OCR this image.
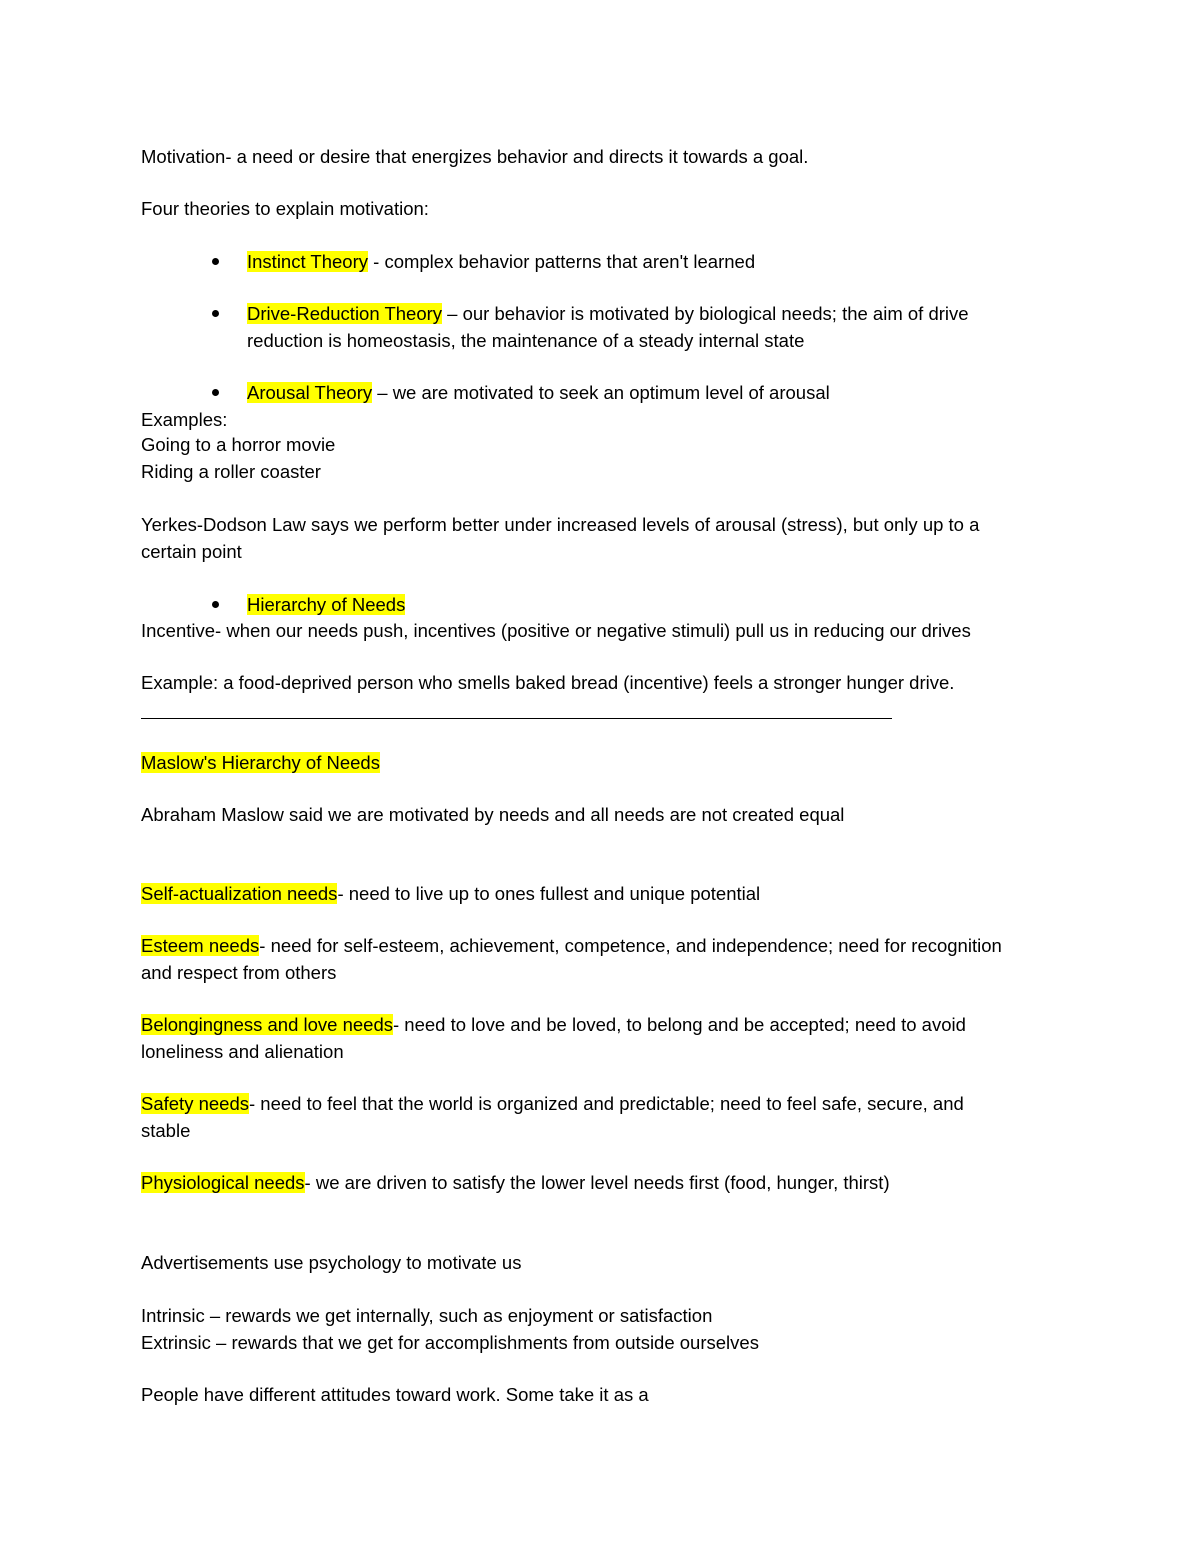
Motivation- a need or desire that energizes behavior and directs it towards a goal.
Four theories to explain motivation:
Instinct Theory - complex behavior patterns that aren't learned
Drive-Reduction Theory – our behavior is motivated by biological needs; the aim of drive
reduction is homeostasis, the maintenance of a steady internal state
Arousal Theory – we are motivated to seek an optimum level of arousal
Examples:
Going to a horror movie
Riding a roller coaster
Yerkes-Dodson Law says we perform better under increased levels of arousal (stress), but only up to a
certain point
Hierarchy of Needs
Incentive- when our needs push, incentives (positive or negative stimuli) pull us in reducing our drives
Example: a food-deprived person who smells baked bread (incentive) feels a stronger hunger drive.
Maslow's Hierarchy of Needs
Abraham Maslow said we are motivated by needs and all needs are not created equal
Self-actualization needs- need to live up to ones fullest and unique potential
Esteem needs- need for self-esteem, achievement, competence, and independence; need for recognition
and respect from others
Belongingness and love needs- need to love and be loved, to belong and be accepted; need to avoid
loneliness and alienation
Safety needs- need to feel that the world is organized and predictable; need to feel safe, secure, and
stable
Physiological needs- we are driven to satisfy the lower level needs first (food, hunger, thirst)
Advertisements use psychology to motivate us
Intrinsic – rewards we get internally, such as enjoyment or satisfaction
Extrinsic – rewards that we get for accomplishments from outside ourselves
People have different attitudes toward work. Some take it as a
